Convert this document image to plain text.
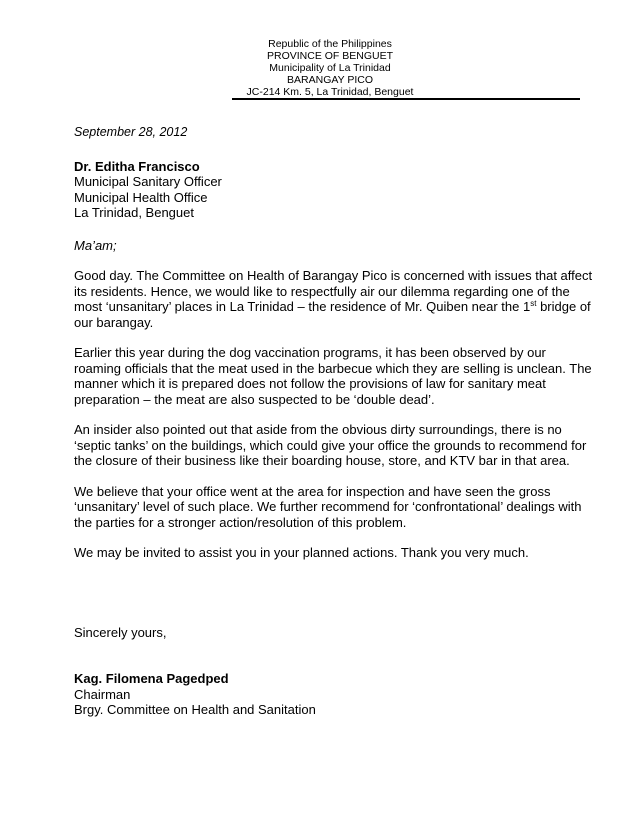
Republic of the Philippines
PROVINCE OF BENGUET
Municipality of La Trinidad
BARANGAY PICO
JC-214 Km. 5, La Trinidad, Benguet

September 28, 2012

Dr. Editha Francisco
Municipal Sanitary Officer
Municipal Health Office
La Trinidad, Benguet

Ma’am;

Good day. The Committee on Health of Barangay Pico is concerned with issues that affect its residents. Hence, we would like to respectfully air our dilemma regarding one of the most ‘unsanitary’ places in La Trinidad – the residence of Mr. Quiben near the 1st bridge of our barangay.

Earlier this year during the dog vaccination programs, it has been observed by our roaming officials that the meat used in the barbecue which they are selling is unclean. The manner which it is prepared does not follow the provisions of law for sanitary meat preparation – the meat are also suspected to be ‘double dead’.

An insider also pointed out that aside from the obvious dirty surroundings, there is no ‘septic tanks’ on the buildings, which could give your office the grounds to recommend for the closure of their business like their boarding house, store, and KTV bar in that area.

We believe that your office went at the area for inspection and have seen the gross ‘unsanitary’ level of such place. We further recommend for ‘confrontational’ dealings with the parties for a stronger action/resolution of this problem.

We may be invited to assist you in your planned actions. Thank you very much.

Sincerely yours,

Kag. Filomena Pagedped
Chairman
Brgy. Committee on Health and Sanitation
